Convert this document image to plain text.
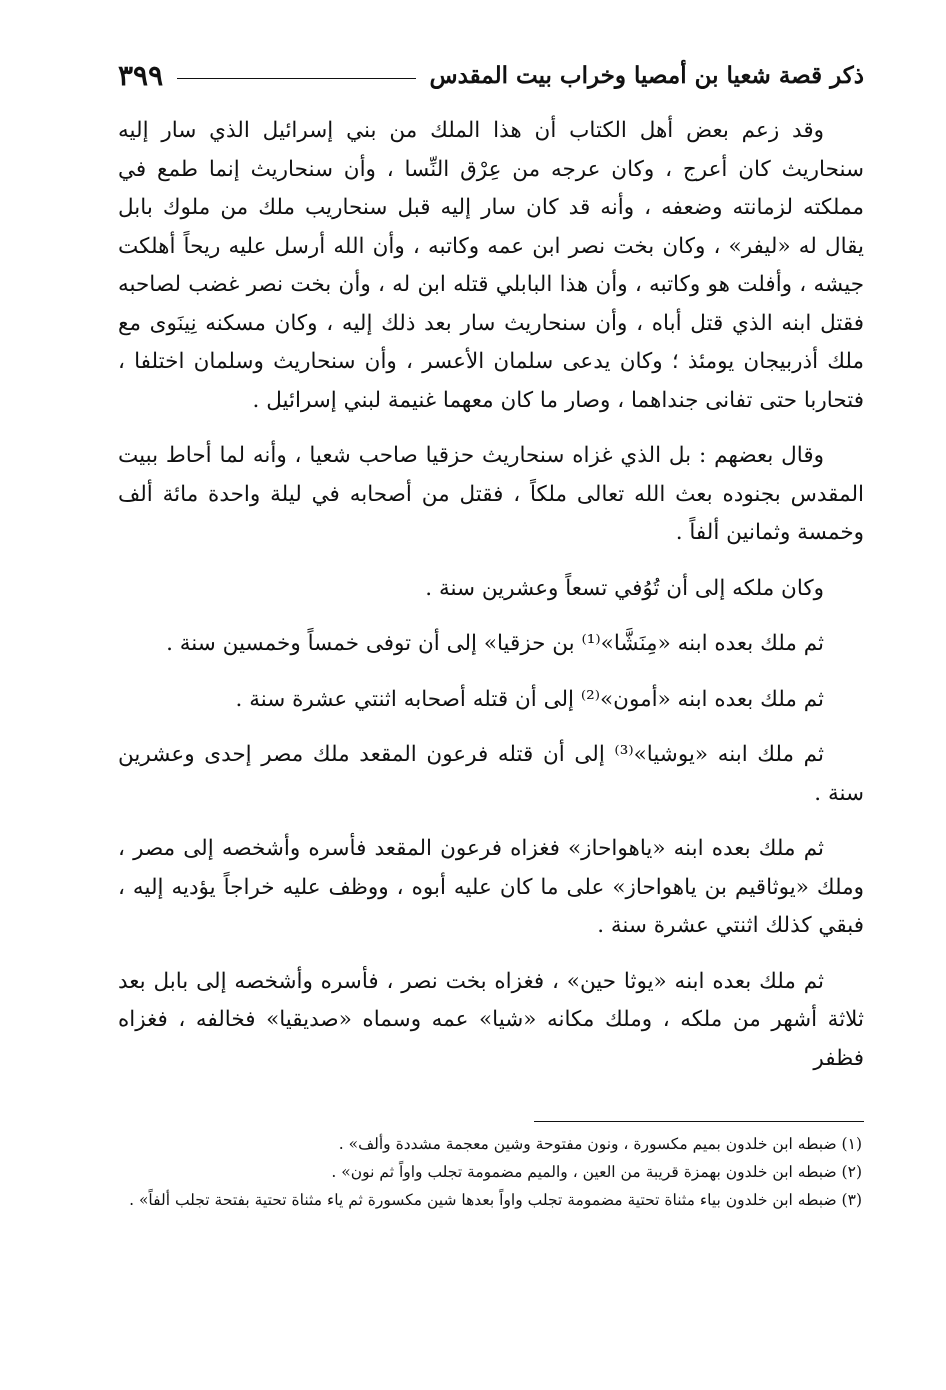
ذكر قصة شعيا بن أمصيا وخراب بيت المقدس
٣٩٩

وقد زعم بعض أهل الكتاب أن هذا الملك من بني إسرائيل الذي سار إليه سنحاريث كان أعرج ، وكان عرجه من عِرْق النِّسا ، وأن سنحاريث إنما طمع في مملكته لزمانته وضعفه ، وأنه قد كان سار إليه قبل سنحاريب ملك من ملوك بابل يقال له «ليفر» ، وكان بخت نصر ابن عمه وكاتبه ، وأن الله أرسل عليه ريحاً أهلكت جيشه ، وأفلت هو وكاتبه ، وأن هذا البابلي قتله ابن له ، وأن بخت نصر غضب لصاحبه فقتل ابنه الذي قتل أباه ، وأن سنحاريث سار بعد ذلك إليه ، وكان مسكنه نِينَوى مع ملك أذربيجان يومئذ ؛ وكان يدعى سلمان الأعسر ، وأن سنحاريث وسلمان اختلفا ، فتحاربا حتى تفانى جنداهما ، وصار ما كان معهما غنيمة لبني إسرائيل .

وقال بعضهم : بل الذي غزاه سنحاريث حزقيا صاحب شعيا ، وأنه لما أحاط ببيت المقدس بجنوده بعث الله تعالى ملكاً ، فقتل من أصحابه في ليلة واحدة مائة ألف وخمسة وثمانين ألفاً .

وكان ملكه إلى أن تُوُفي تسعاً وعشرين سنة .

ثم ملك بعده ابنه «مِنَشَّا»⁽¹⁾ بن حزقيا» إلى أن توفى خمساً وخمسين سنة .

ثم ملك بعده ابنه «أمون»⁽²⁾ إلى أن قتله أصحابه اثنتي عشرة سنة .

ثم ملك ابنه «يوشيا»⁽³⁾ إلى أن قتله فرعون المقعد ملك مصر إحدى وعشرين سنة .

ثم ملك بعده ابنه «ياهواحاز» فغزاه فرعون المقعد فأسره وأشخصه إلى مصر ، وملك «يوثاقيم بن ياهواحاز» على ما كان عليه أبوه ، ووظف عليه خراجاً يؤديه إليه ، فبقي كذلك اثنتي عشرة سنة .

ثم ملك بعده ابنه «يوثا حين» ، فغزاه بخت نصر ، فأسره وأشخصه إلى بابل بعد ثلاثة أشهر من ملكه ، وملك مكانه «شيا» عمه وسماه «صديقيا» فخالفه ، فغزاه فظفر

(١) ضبطه ابن خلدون بميم مكسورة ، ونون مفتوحة وشين معجمة مشددة وألف» .

(٢) ضبطه ابن خلدون بهمزة قريبة من العين ، والميم مضمومة تجلب واواً ثم نون» .

(٣) ضبطه ابن خلدون بياء مثناة تحتية مضمومة تجلب واواً بعدها شين مكسورة ثم ياء مثناة تحتية بفتحة تجلب ألفاً» .
